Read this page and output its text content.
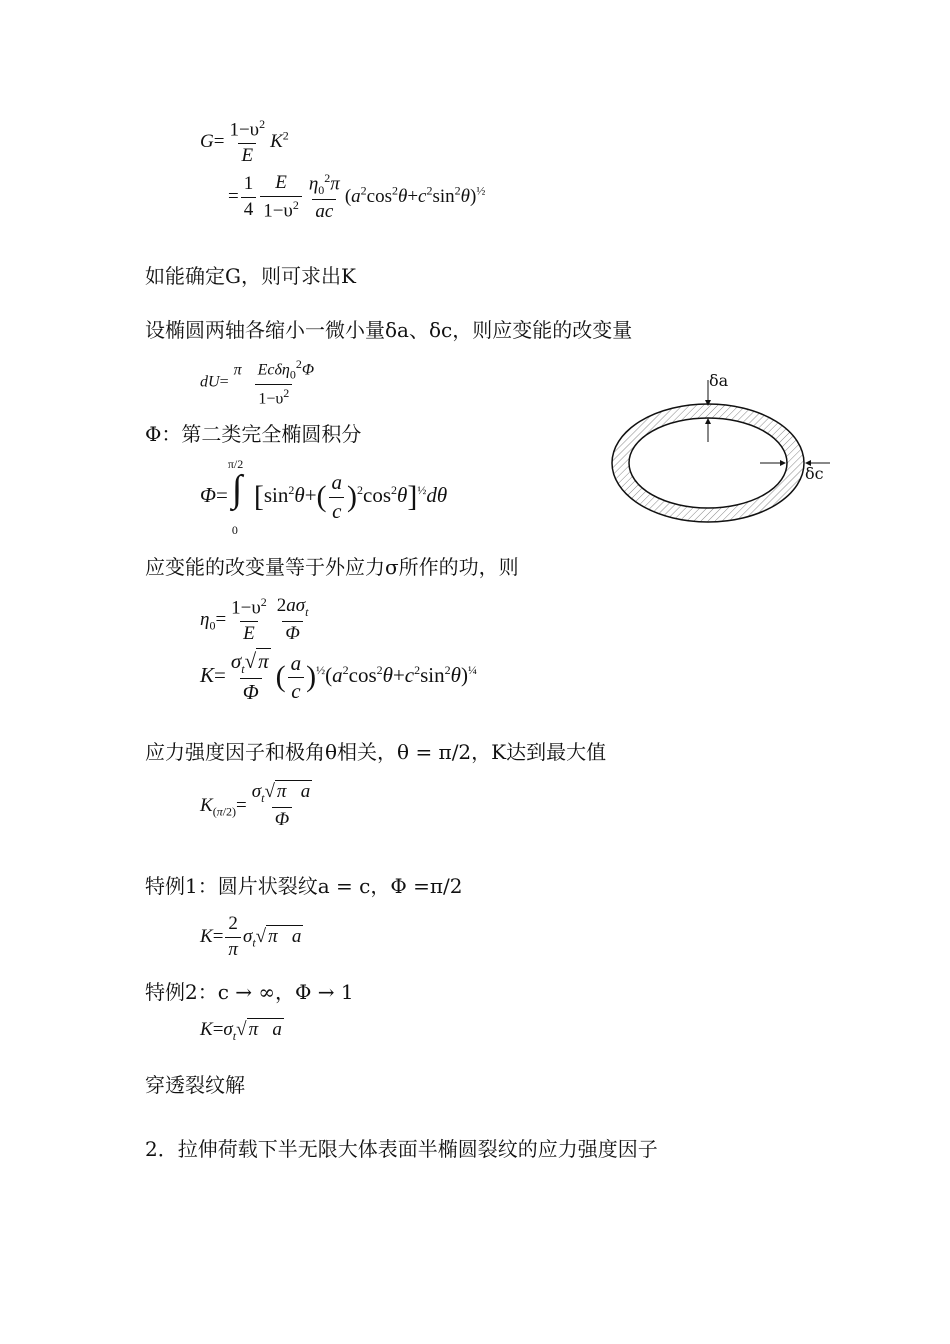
$G= \frac{1-\upsilon^2}{E} K^2$
= $\frac{1}{4} \frac{E}{1-\upsilon^2} \frac{\eta_0^2\pi}{ac} (a^2\cos^2\theta+c^2\sin^2\theta)^{\frac{1}{2}}$
如能确定G，则可求出K
设椭圆两轴各缩小一微小量δa、δc，则应变能的改变量
$dU= \frac{\pi Ec\delta\eta_0^2\Phi}{1-\upsilon^2}$
Φ：第二类完全椭圆积分
Φ=
π/2
∫
0
$[\sin^2\theta+( \frac{a}{c} )^2\cos^2\theta]^{\frac{1}{2}}d\theta$
δa
δc
应变能的改变量等于外应力σ所作的功，则
$\eta_0= \frac{1-\upsilon^2}{E} \frac{2a\sigma_t}{\Phi}$
$K= \frac{\sigma_t√\pi}{\Phi}$ ( $\frac{a}{c} )^{\frac{1}{2}}(a^2\cos^2\theta+c^2\sin^2\theta)^{\frac{1}{4}}$
应力强度因子和极角θ相关，θ = π/2，K达到最大值
$K_{(\pi/2)}= \frac{\sigma_t√ \pi a}{\Phi}$
特例1：圆片状裂纹a = c，Φ =π/2
$K= \frac{2}{\pi} \sigma_t√$ π a
特例2：c → ∞，Φ → 1
$K=\sigma_t√$ π a
穿透裂纹解
2．拉伸荷载下半无限大体表面半椭圆裂纹的应力强度因子
